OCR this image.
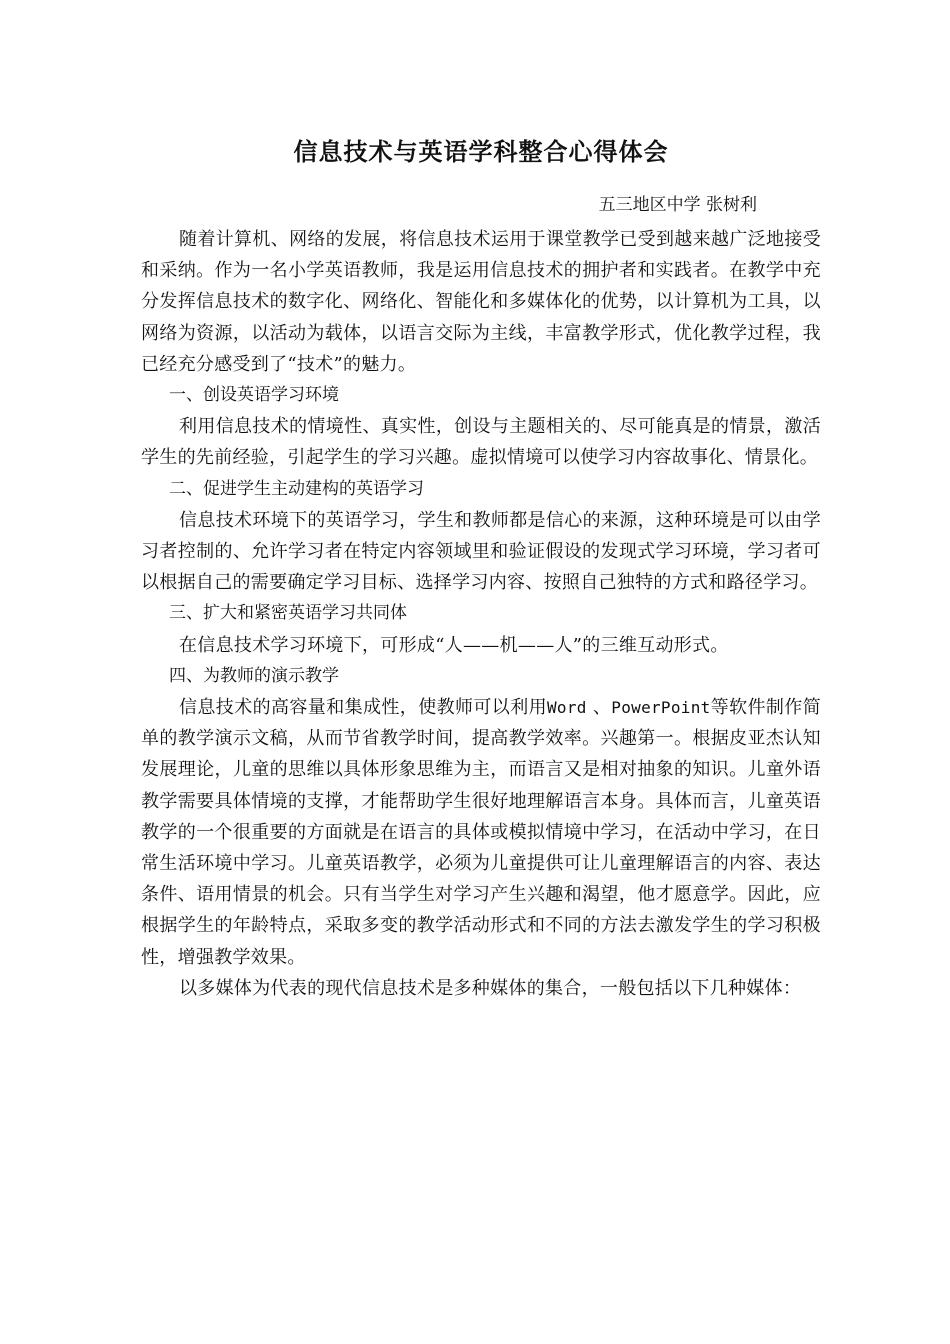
信息技术与英语学科整合心得体会

五三地区中学 张树利

随着计算机、网络的发展，将信息技术运用于课堂教学已受到越来越广泛地接受和采纳。作为一名小学英语教师，我是运用信息技术的拥护者和实践者。在教学中充分发挥信息技术的数字化、网络化、智能化和多媒体化的优势，以计算机为工具，以网络为资源，以活动为载体，以语言交际为主线，丰富教学形式，优化教学过程，我已经充分感受到了“技术”的魅力。

一、创设英语学习环境

利用信息技术的情境性、真实性，创设与主题相关的、尽可能真是的情景，激活学生的先前经验，引起学生的学习兴趣。虚拟情境可以使学习内容故事化、情景化。

二、促进学生主动建构的英语学习

信息技术环境下的英语学习，学生和教师都是信心的来源，这种环境是可以由学习者控制的、允许学习者在特定内容领域里和验证假设的发现式学习环境，学习者可以根据自己的需要确定学习目标、选择学习内容、按照自己独特的方式和路径学习。

三、扩大和紧密英语学习共同体

在信息技术学习环境下，可形成“人——机——人”的三维互动形式。

四、为教师的演示教学

信息技术的高容量和集成性，使教师可以利用Word 、PowerPoint等软件制作简单的教学演示文稿，从而节省教学时间，提高教学效率。兴趣第一。根据皮亚杰认知发展理论，儿童的思维以具体形象思维为主，而语言又是相对抽象的知识。儿童外语教学需要具体情境的支撑，才能帮助学生很好地理解语言本身。具体而言，儿童英语教学的一个很重要的方面就是在语言的具体或模拟情境中学习，在活动中学习，在日常生活环境中学习。儿童英语教学，必须为儿童提供可让儿童理解语言的内容、表达条件、语用情景的机会。只有当学生对学习产生兴趣和渴望，他才愿意学。因此，应根据学生的年龄特点，采取多变的教学活动形式和不同的方法去激发学生的学习积极性，增强教学效果。

以多媒体为代表的现代信息技术是多种媒体的集合，一般包括以下几种媒体：
